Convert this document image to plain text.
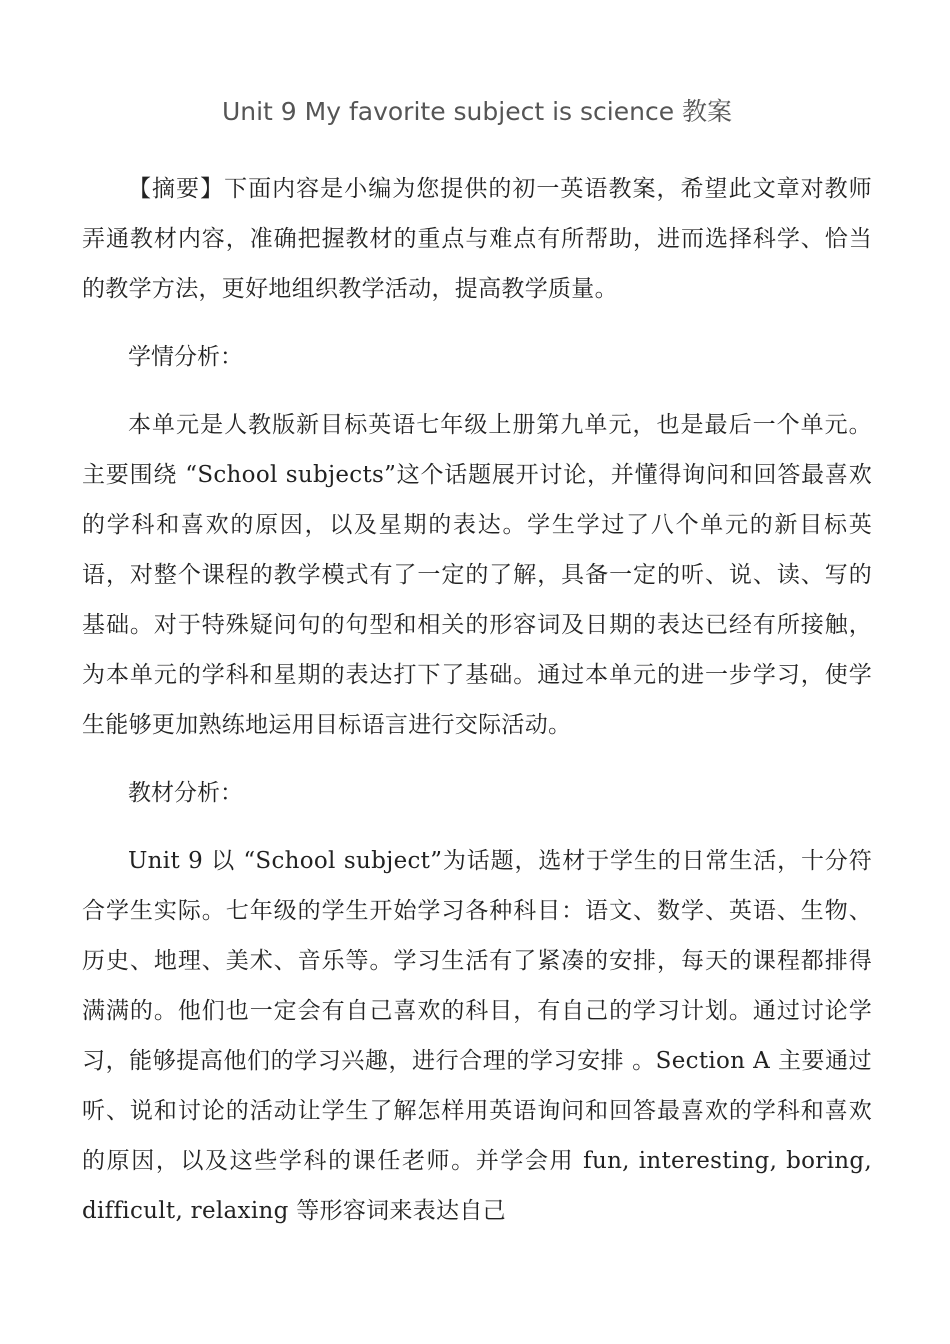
Unit 9 My favorite subject is science 教案

【摘要】下面内容是小编为您提供的初一英语教案，希望此文章对教师弄通教材内容，准确把握教材的重点与难点有所帮助，进而选择科学、恰当的教学方法，更好地组织教学活动，提高教学质量。

学情分析：

本单元是人教版新目标英语七年级上册第九单元，也是最后一个单元。主要围绕 “School subjects”这个话题展开讨论，并懂得询问和回答最喜欢的学科和喜欢的原因，以及星期的表达。学生学过了八个单元的新目标英语，对整个课程的教学模式有了一定的了解，具备一定的听、说、读、写的基础。对于特殊疑问句的句型和相关的形容词及日期的表达已经有所接触，为本单元的学科和星期的表达打下了基础。通过本单元的进一步学习，使学生能够更加熟练地运用目标语言进行交际活动。

教材分析：

Unit 9 以 “School subject”为话题，选材于学生的日常生活，十分符合学生实际。七年级的学生开始学习各种科目：语文、数学、英语、生物、历史、地理、美术、音乐等。学习生活有了紧凑的安排，每天的课程都排得满满的。他们也一定会有自己喜欢的科目，有自己的学习计划。通过讨论学习，能够提高他们的学习兴趣，进行合理的学习安排 。Section A 主要通过听、说和讨论的活动让学生了解怎样用英语询问和回答最喜欢的学科和喜欢的原因，以及这些学科的课任老师。并学会用 fun, interesting, boring, difficult, relaxing 等形容词来表达自己
